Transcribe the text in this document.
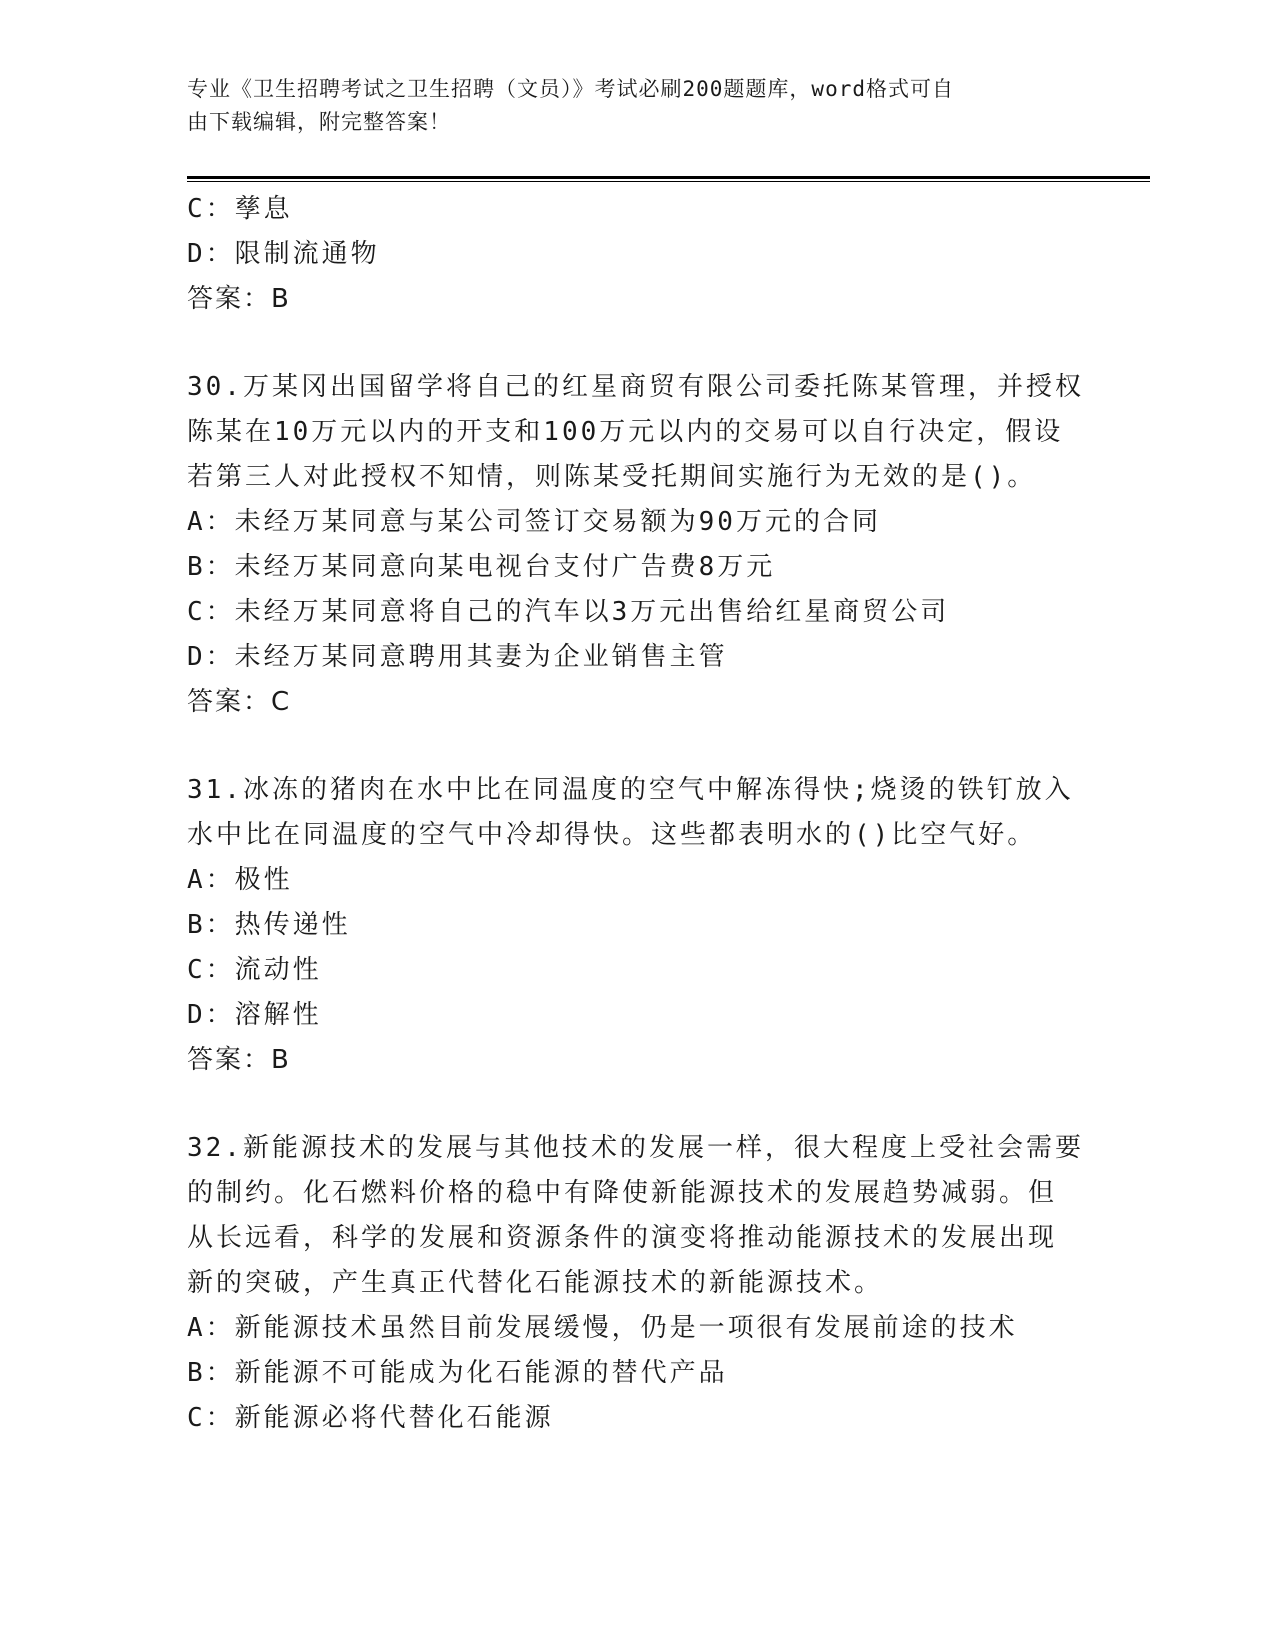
专业《卫生招聘考试之卫生招聘（文员）》考试必刷200题题库，word格式可自
由下载编辑，附完整答案！
C：孳息
D：限制流通物
答案：B
30.万某冈出国留学将自己的红星商贸有限公司委托陈某管理，并授权
陈某在10万元以内的开支和100万元以内的交易可以自行决定，假设
若第三人对此授权不知情，则陈某受托期间实施行为无效的是()。
A：未经万某同意与某公司签订交易额为90万元的合同
B：未经万某同意向某电视台支付广告费8万元
C：未经万某同意将自己的汽车以3万元出售给红星商贸公司
D：未经万某同意聘用其妻为企业销售主管
答案：C
31.冰冻的猪肉在水中比在同温度的空气中解冻得快;烧烫的铁钉放入
水中比在同温度的空气中冷却得快。这些都表明水的()比空气好。
A：极性
B：热传递性
C：流动性
D：溶解性
答案：B
32.新能源技术的发展与其他技术的发展一样，很大程度上受社会需要
的制约。化石燃料价格的稳中有降使新能源技术的发展趋势减弱。但
从长远看，科学的发展和资源条件的演变将推动能源技术的发展出现
新的突破，产生真正代替化石能源技术的新能源技术。
A：新能源技术虽然目前发展缓慢，仍是一项很有发展前途的技术
B：新能源不可能成为化石能源的替代产品
C：新能源必将代替化石能源
